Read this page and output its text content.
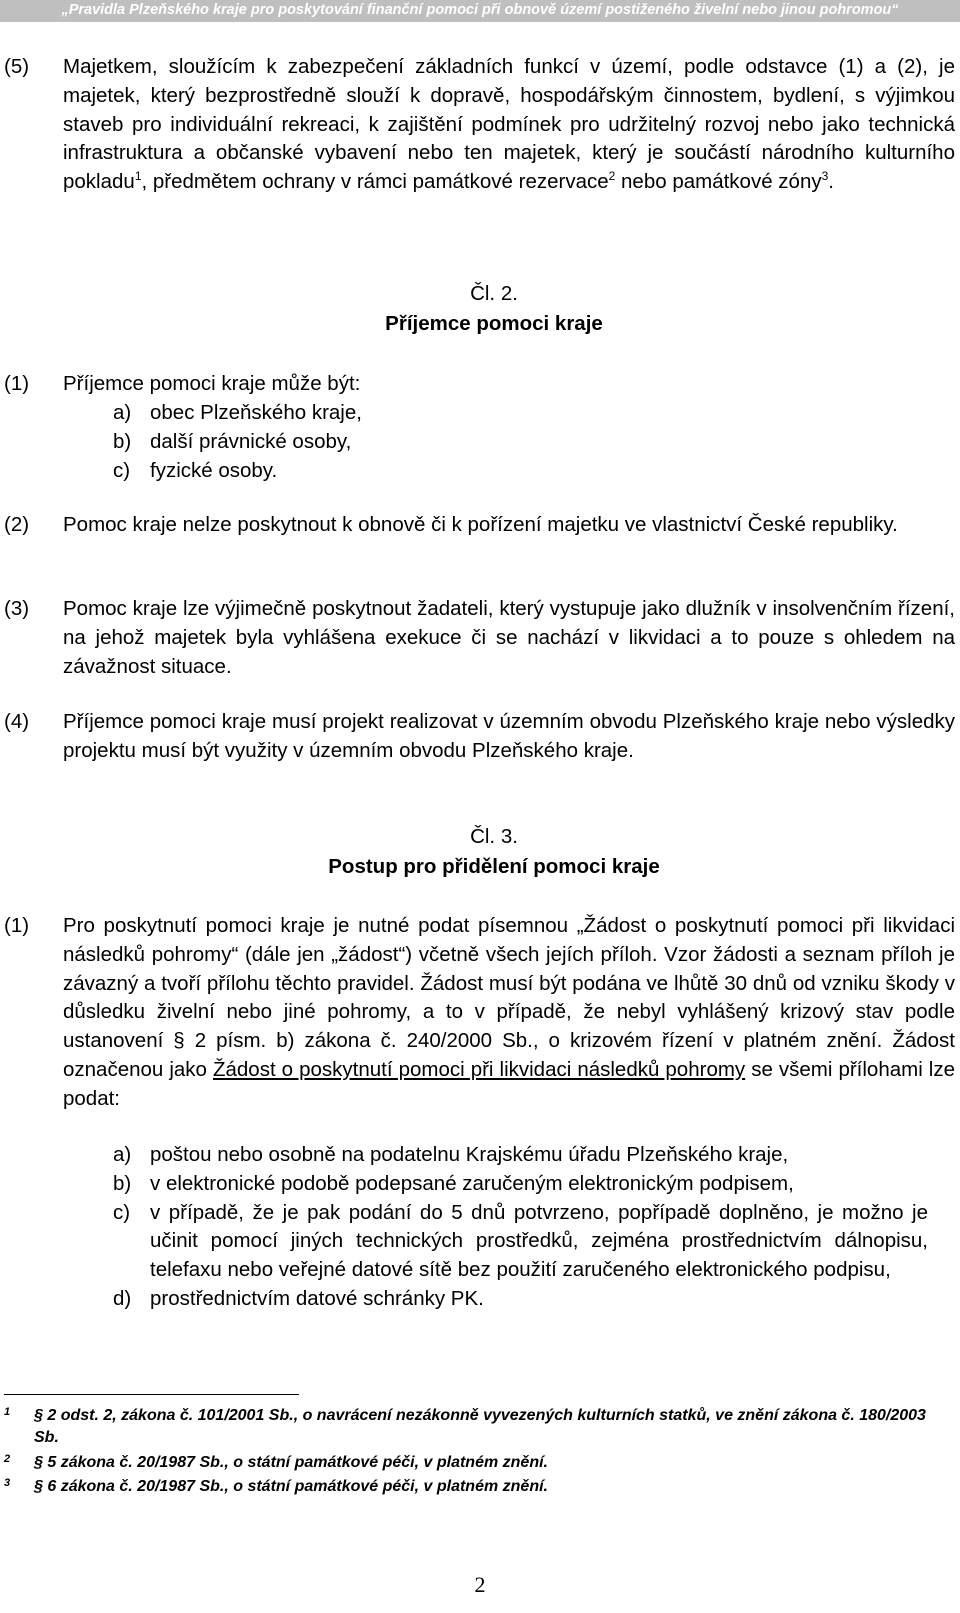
„Pravidla Plzeňského kraje pro poskytování finanční pomoci při obnově území postiženého živelní nebo jinou pohromou“
(5) Majetkem, sloužícím k zabezpečení základních funkcí v území, podle odstavce (1) a (2), je majetek, který bezprostředně slouží k dopravě, hospodářským činnostem, bydlení, s výjimkou staveb pro individuální rekreaci, k zajištění podmínek pro udržitelný rozvoj nebo jako technická infrastruktura a občanské vybavení nebo ten majetek, který je součástí národního kulturního pokladu$^1$, předmětem ochrany v rámci památkové rezervace$^2$ nebo památkové zóny$^3$.
Čl. 2.
Příjemce pomoci kraje
(1) Příjemce pomoci kraje může být:
a) obec Plzeňského kraje,
b) další právnické osoby,
c) fyzické osoby.
(2) Pomoc kraje nelze poskytnout k obnově či k pořízení majetku ve vlastnictví České republiky.
(3) Pomoc kraje lze výjimečně poskytnout žadateli, který vystupuje jako dlužník v insolvenčním řízení, na jehož majetek byla vyhlášena exekuce či se nachází v likvidaci a to pouze s ohledem na závažnost situace.
(4) Příjemce pomoci kraje musí projekt realizovat v územním obvodu Plzeňského kraje nebo výsledky projektu musí být využity v územním obvodu Plzeňského kraje.
Čl. 3.
Postup pro přidělení pomoci kraje
(1) Pro poskytnutí pomoci kraje je nutné podat písemnou „Žádost o poskytnutí pomoci při likvidaci následků pohromy“ (dále jen „žádost“) včetně všech jejích příloh. Vzor žádosti a seznam příloh je závazný a tvoří přílohu těchto pravidel. Žádost musí být podána ve lhůtě 30 dnů od vzniku škody v důsledku živelní nebo jiné pohromy, a to v případě, že nebyl vyhlášený krizový stav podle ustanovení § 2 písm. b) zákona č. 240/2000 Sb., o krizovém řízení v platném znění. Žádost označenou jako Žádost o poskytnutí pomoci při likvidaci následků pohromy se všemi přílohami lze podat:
a) poštou nebo osobně na podatelnu Krajskému úřadu Plzeňského kraje,
b) v elektronické podobě podepsané zaručeným elektronickým podpisem,
c) v případě, že je pak podání do 5 dnů potvrzeno, popřípadě doplněno, je možno je učinit pomocí jiných technických prostředků, zejména prostřednictvím dálnopisu, telefaxu nebo veřejné datové sítě bez použití zaručeného elektronického podpisu,
d) prostřednictvím datové schránky PK.
1 § 2 odst. 2, zákona č. 101/2001 Sb., o navrácení nezákonně vyvezených kulturních statků, ve znění zákona č. 180/2003 Sb.
2 § 5 zákona č. 20/1987 Sb., o státní památkové péči, v platném znění.
3 § 6 zákona č. 20/1987 Sb., o státní památkové péči, v platném znění.
2
